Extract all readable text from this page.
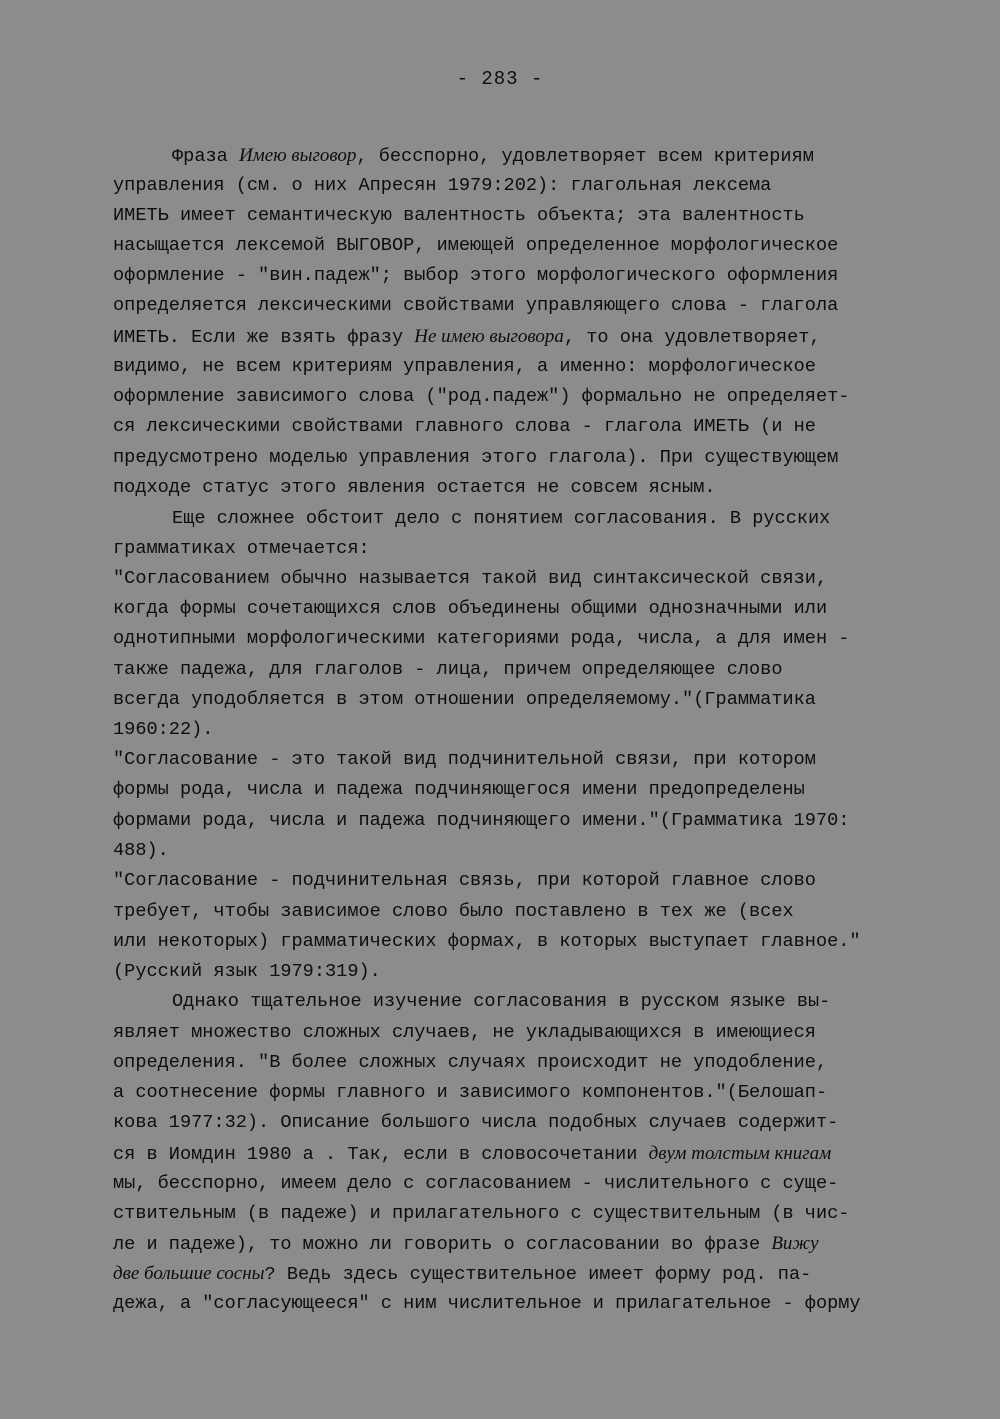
- 283 -
Фраза Имею выговор, бесспорно, удовлетворяет всем критериям
управления (см. о них Апресян 1979:202): глагольная лексема
ИМЕТЬ имеет семантическую валентность объекта; эта валентность
насыщается лексемой ВЫГОВОР, имеющей определенное морфологическое
оформление - "вин.падеж"; выбор этого морфологического оформления
определяется лексическими свойствами управляющего слова - глагола
ИМЕТЬ. Если же взять фразу Не имею выговора, то она удовлетворяет,
видимо, не всем критериям управления, а именно: морфологическое
оформление зависимого слова ("род.падеж") формально не определяет-
ся лексическими свойствами главного слова - глагола ИМЕТЬ (и не
предусмотрено моделью управления этого глагола). При существующем
подходе статус этого явления остается не совсем ясным.
Еще сложнее обстоит дело с понятием согласования. В русских
грамматиках отмечается:
"Согласованием обычно называется такой вид синтаксической связи,
когда формы сочетающихся слов объединены общими однозначными или
однотипными морфологическими категориями рода, числа, а для имен -
также падежа, для глаголов - лица, причем определяющее слово
всегда уподобляется в этом отношении определяемому."(Грамматика
1960:22).
"Согласование - это такой вид подчинительной связи, при котором
формы рода, числа и падежа подчиняющегося имени предопределены
формами рода, числа и падежа подчиняющего имени."(Грамматика 1970:
488).
"Согласование - подчинительная связь, при которой главное слово
требует, чтобы зависимое слово было поставлено в тех же (всех
или некоторых) грамматических формах, в которых выступает главное."
(Русский язык 1979:319).
Однако тщательное изучение согласования в русском языке вы-
являет множество сложных случаев, не укладывающихся в имеющиеся
определения. "В более сложных случаях происходит не уподобление,
а соотнесение формы главного и зависимого компонентов."(Белошап-
кова 1977:32). Описание большого числа подобных случаев содержит-
ся в Иомдин 1980 а . Так, если в словосочетании двум толстым книгам
мы, бесспорно, имеем дело с согласованием - числительного с суще-
ствительным (в падеже) и прилагательного с существительным (в чис-
ле и падеже), то можно ли говорить о согласовании во фразе Вижу
две большие сосны? Ведь здесь существительное имеет форму род. па-
дежа, а "согласующееся" с ним числительное и прилагательное - форму
